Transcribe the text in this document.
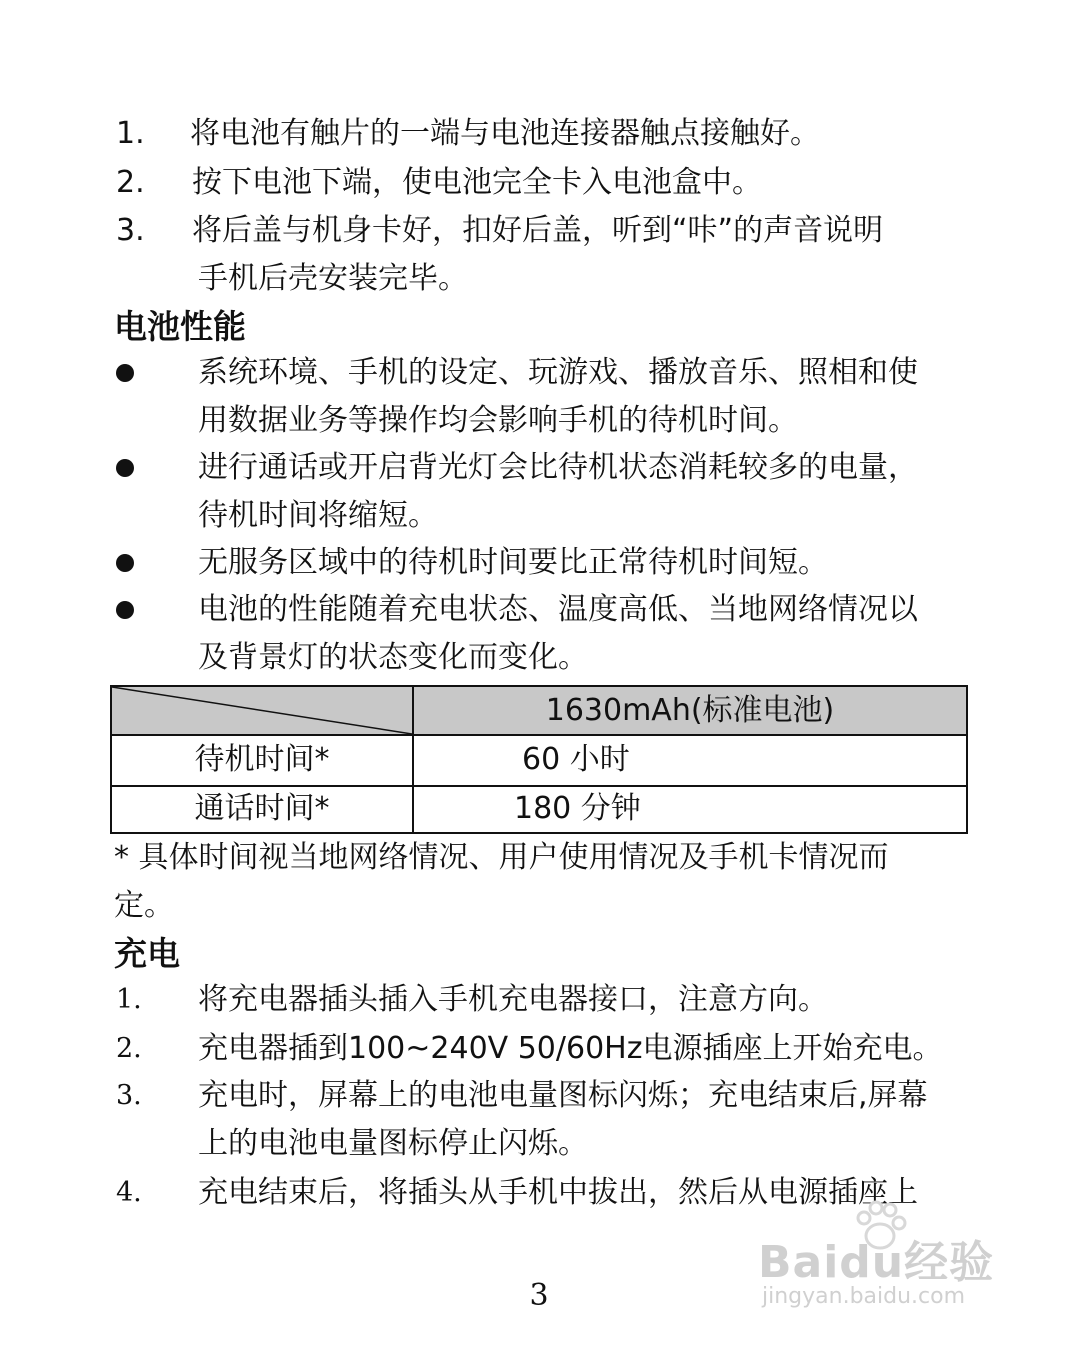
1. 将电池有触片的一端与电池连接器触点接触好。
2. 按下电池下端，使电池完全卡入电池盒中。
3. 将后盖与机身卡好，扣好后盖，听到“咔”的声音说明
手机后壳安装完毕。
电池性能
系统环境、手机的设定、玩游戏、播放音乐、照相和使
用数据业务等操作均会影响手机的待机时间。
进行通话或开启背光灯会比待机状态消耗较多的电量，
待机时间将缩短。
无服务区域中的待机时间要比正常待机时间短。
电池的性能随着充电状态、温度高低、当地网络情况以
及背景灯的状态变化而变化。
1630mAh(标准电池)
待机时间*	60 小时
通话时间*	180 分钟
* 具体时间视当地网络情况、用户使用情况及手机卡情况而
定。
充电
1. 将充电器插头插入手机充电器接口，注意方向。
2. 充电器插到100~240V 50/60Hz电源插座上开始充电。
3. 充电时，屏幕上的电池电量图标闪烁；充电结束后,屏幕
上的电池电量图标停止闪烁。
4. 充电结束后，将插头从手机中拔出，然后从电源插座上
3
Baidu经验
jingyan.baidu.com
